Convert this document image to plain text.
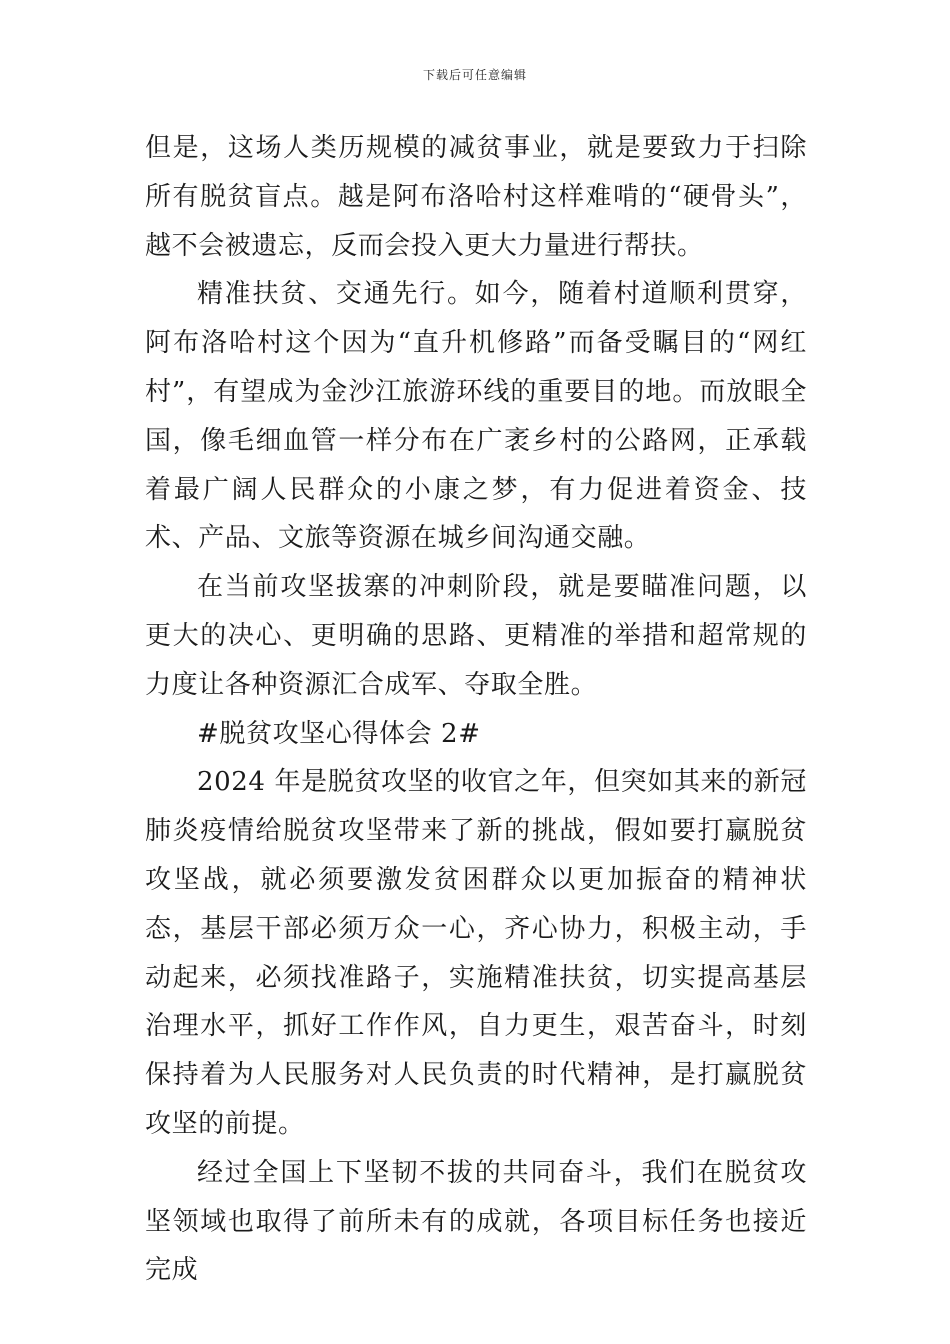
下载后可任意编辑

但是，这场人类历规模的减贫事业，就是要致力于扫除所有脱贫盲点。越是阿布洛哈村这样难啃的“硬骨头”，越不会被遗忘，反而会投入更大力量进行帮扶。

精准扶贫、交通先行。如今，随着村道顺利贯穿，阿布洛哈村这个因为“直升机修路”而备受瞩目的“网红村”，有望成为金沙江旅游环线的重要目的地。而放眼全国，像毛细血管一样分布在广袤乡村的公路网，正承载着最广阔人民群众的小康之梦，有力促进着资金、技术、产品、文旅等资源在城乡间沟通交融。

在当前攻坚拔寨的冲刺阶段，就是要瞄准问题，以更大的决心、更明确的思路、更精准的举措和超常规的力度让各种资源汇合成军、夺取全胜。

#脱贫攻坚心得体会 2#

2024 年是脱贫攻坚的收官之年，但突如其来的新冠肺炎疫情给脱贫攻坚带来了新的挑战，假如要打赢脱贫攻坚战，就必须要激发贫困群众以更加振奋的精神状态，基层干部必须万众一心，齐心协力，积极主动，手动起来，必须找准路子，实施精准扶贫，切实提高基层治理水平，抓好工作作风，自力更生，艰苦奋斗，时刻保持着为人民服务对人民负责的时代精神，是打赢脱贫攻坚的前提。

经过全国上下坚韧不拔的共同奋斗，我们在脱贫攻坚领域也取得了前所未有的成就，各项目标任务也接近完成
